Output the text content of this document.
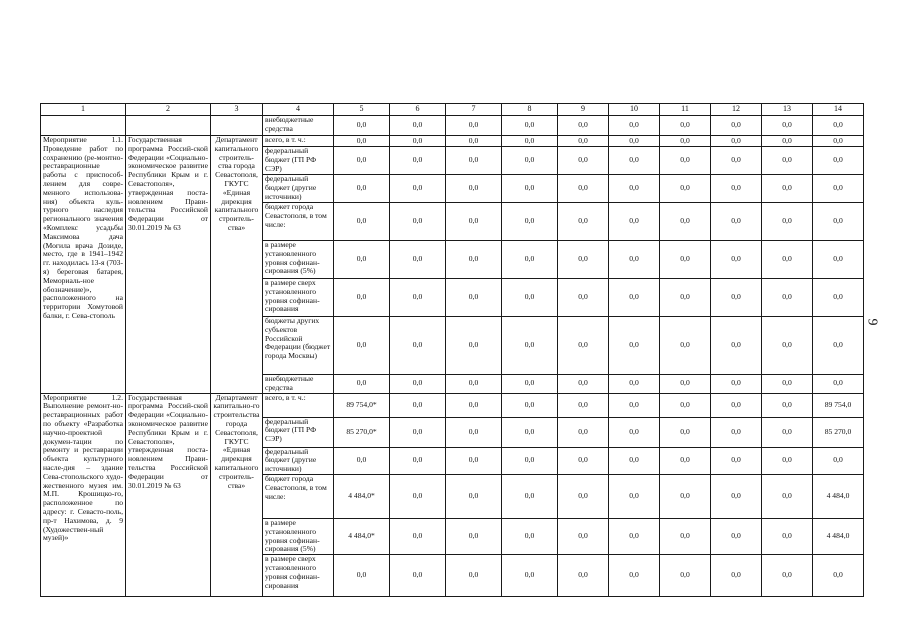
1	2	3	4	5	6	7	8	9	10	11	12	13	14
			внебюджетные средства	0,0	0,0	0,0	0,0	0,0	0,0	0,0	0,0	0,0	0,0
Мероприятие 1.1. Проведение работ по сохранению (ре-монтно-реставрационные работы с приспособ-лением для совре-менного использова-ния) объекта куль-турного наследия регионального значения «Комплекс усадьбы Максимова дача (Могила врача Дозиде, место, где в 1941–1942 гг. находилась 13-я (703-я) береговая батарея, Мемориаль-ное обозначение)», расположенного на территории Хомутовой балки, г. Сева-стополь	Государственная программа Россий-ской Федерации «Социально-экономическое развитие Республики Крым и г. Севастополя», утвержденная поста-новлением Прави-тельства Российской Федерации от 30.01.2019 № 63	Департамент капитального строитель-ства города Севастополя, ГКУГС «Единая дирекция капитального строитель-ства»	всего, в т. ч.:	0,0	0,0	0,0	0,0	0,0	0,0	0,0	0,0	0,0	0,0
			федеральный бюджет (ГП РФ СЭР)	0,0	0,0	0,0	0,0	0,0	0,0	0,0	0,0	0,0	0,0
			федеральный бюджет (другие источники)	0,0	0,0	0,0	0,0	0,0	0,0	0,0	0,0	0,0	0,0
			бюджет города Севастополя, в том числе:	0,0	0,0	0,0	0,0	0,0	0,0	0,0	0,0	0,0	0,0
			в размере установленного уровня софинан-сирования (5%)	0,0	0,0	0,0	0,0	0,0	0,0	0,0	0,0	0,0	0,0
			в размере сверх установленного уровня софинан-сирования	0,0	0,0	0,0	0,0	0,0	0,0	0,0	0,0	0,0	0,0
			бюджеты других субъектов Российской Федерации (бюджет города Москвы)	0,0	0,0	0,0	0,0	0,0	0,0	0,0	0,0	0,0	0,0
			внебюджетные средства	0,0	0,0	0,0	0,0	0,0	0,0	0,0	0,0	0,0	0,0
Мероприятие 1.2. Выполнение ремонт-но-реставрационных работ по объекту «Разработка научно-проектной докумен-тации по ремонту и реставрации объекта культурного насле-дия – здание Сева-стопольского худо-жественного музея им. М.П. Крошицко-го, расположенное по адресу: г. Севасто-поль, пр-т Нахимова, д. 9 (Художествен-ный музей)»	Государственная программа Россий-ской Федерации «Социально-экономическое развитие Республики Крым и г. Севастополя», утвержденная поста-новлением Прави-тельства Российской Федерации от 30.01.2019 № 63	Департамент капитально-го строительства города Севастополя, ГКУГС «Единая дирекция капитального строитель-ства»	всего, в т. ч.:	89 754,0*	0,0	0,0	0,0	0,0	0,0	0,0	0,0	0,0	89 754,0
			федеральный бюджет (ГП РФ СЭР)	85 270,0*	0,0	0,0	0,0	0,0	0,0	0,0	0,0	0,0	85 270,0
			федеральный бюджет (другие источники)	0,0	0,0	0,0	0,0	0,0	0,0	0,0	0,0	0,0	0,0
			бюджет города Севастополя, в том числе:	4 484,0*	0,0	0,0	0,0	0,0	0,0	0,0	0,0	0,0	4 484,0
			в размере установленного уровня софинан-сирования (5%)	4 484,0*	0,0	0,0	0,0	0,0	0,0	0,0	0,0	0,0	4 484,0
			в размере сверх установленного уровня софинан-сирования	0,0	0,0	0,0	0,0	0,0	0,0	0,0	0,0	0,0	0,0
9
